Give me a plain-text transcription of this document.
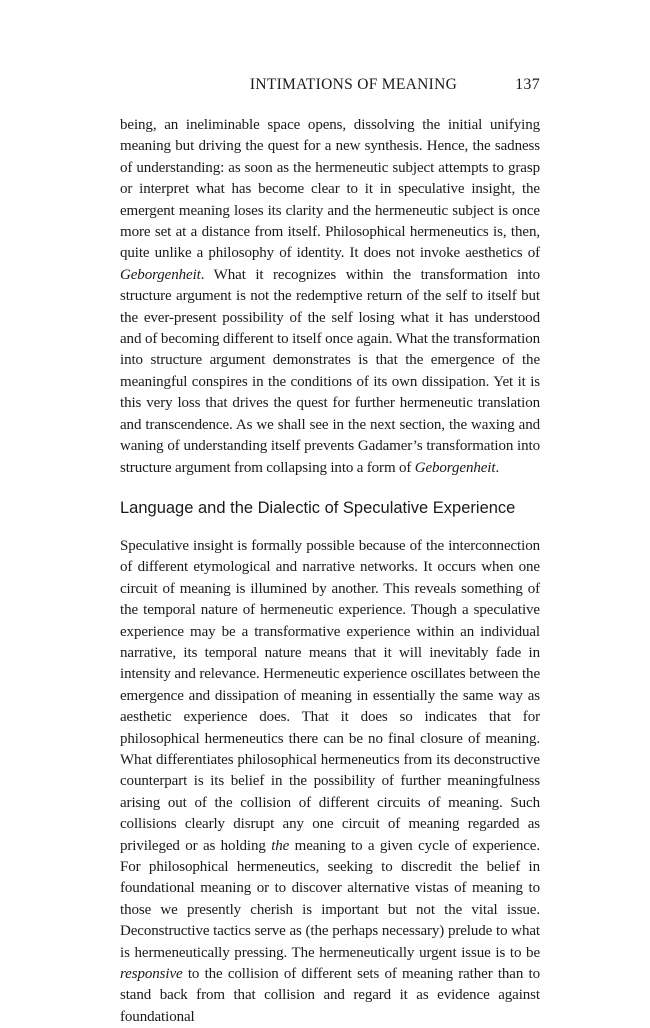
INTIMATIONS OF MEANING	137

being, an ineliminable space opens, dissolving the initial unifying meaning but driving the quest for a new synthesis. Hence, the sadness of understanding: as soon as the hermeneutic subject attempts to grasp or interpret what has become clear to it in speculative insight, the emergent meaning loses its clarity and the hermeneutic subject is once more set at a distance from itself. Philosophical hermeneutics is, then, quite unlike a philosophy of identity. It does not invoke aesthetics of Geborgenheit. What it recognizes within the transformation into structure argument is not the redemptive return of the self to itself but the ever-present possibility of the self losing what it has understood and of becoming different to itself once again. What the transformation into structure argument demonstrates is that the emergence of the meaningful conspires in the conditions of its own dissipation. Yet it is this very loss that drives the quest for further hermeneutic translation and transcendence. As we shall see in the next section, the waxing and waning of understanding itself prevents Gadamer’s transformation into structure argument from collapsing into a form of Geborgenheit.

Language and the Dialectic of Speculative Experience

Speculative insight is formally possible because of the interconnection of different etymological and narrative networks. It occurs when one circuit of meaning is illumined by another. This reveals something of the temporal nature of hermeneutic experience. Though a speculative experience may be a transformative experience within an individual narrative, its temporal nature means that it will inevitably fade in intensity and relevance. Hermeneutic experience oscillates between the emergence and dissipation of meaning in essentially the same way as aesthetic experience does. That it does so indicates that for philosophical hermeneutics there can be no final closure of meaning. What differentiates philosophical hermeneutics from its deconstructive counterpart is its belief in the possibility of further meaningfulness arising out of the collision of different circuits of meaning. Such collisions clearly disrupt any one circuit of meaning regarded as privileged or as holding the meaning to a given cycle of experience. For philosophical hermeneutics, seeking to discredit the belief in foundational meaning or to discover alternative vistas of meaning to those we presently cherish is important but not the vital issue. Deconstructive tactics serve as (the perhaps necessary) prelude to what is hermeneutically pressing. The hermeneutically urgent issue is to be responsive to the collision of different sets of meaning rather than to stand back from that collision and regard it as evidence against foundational
